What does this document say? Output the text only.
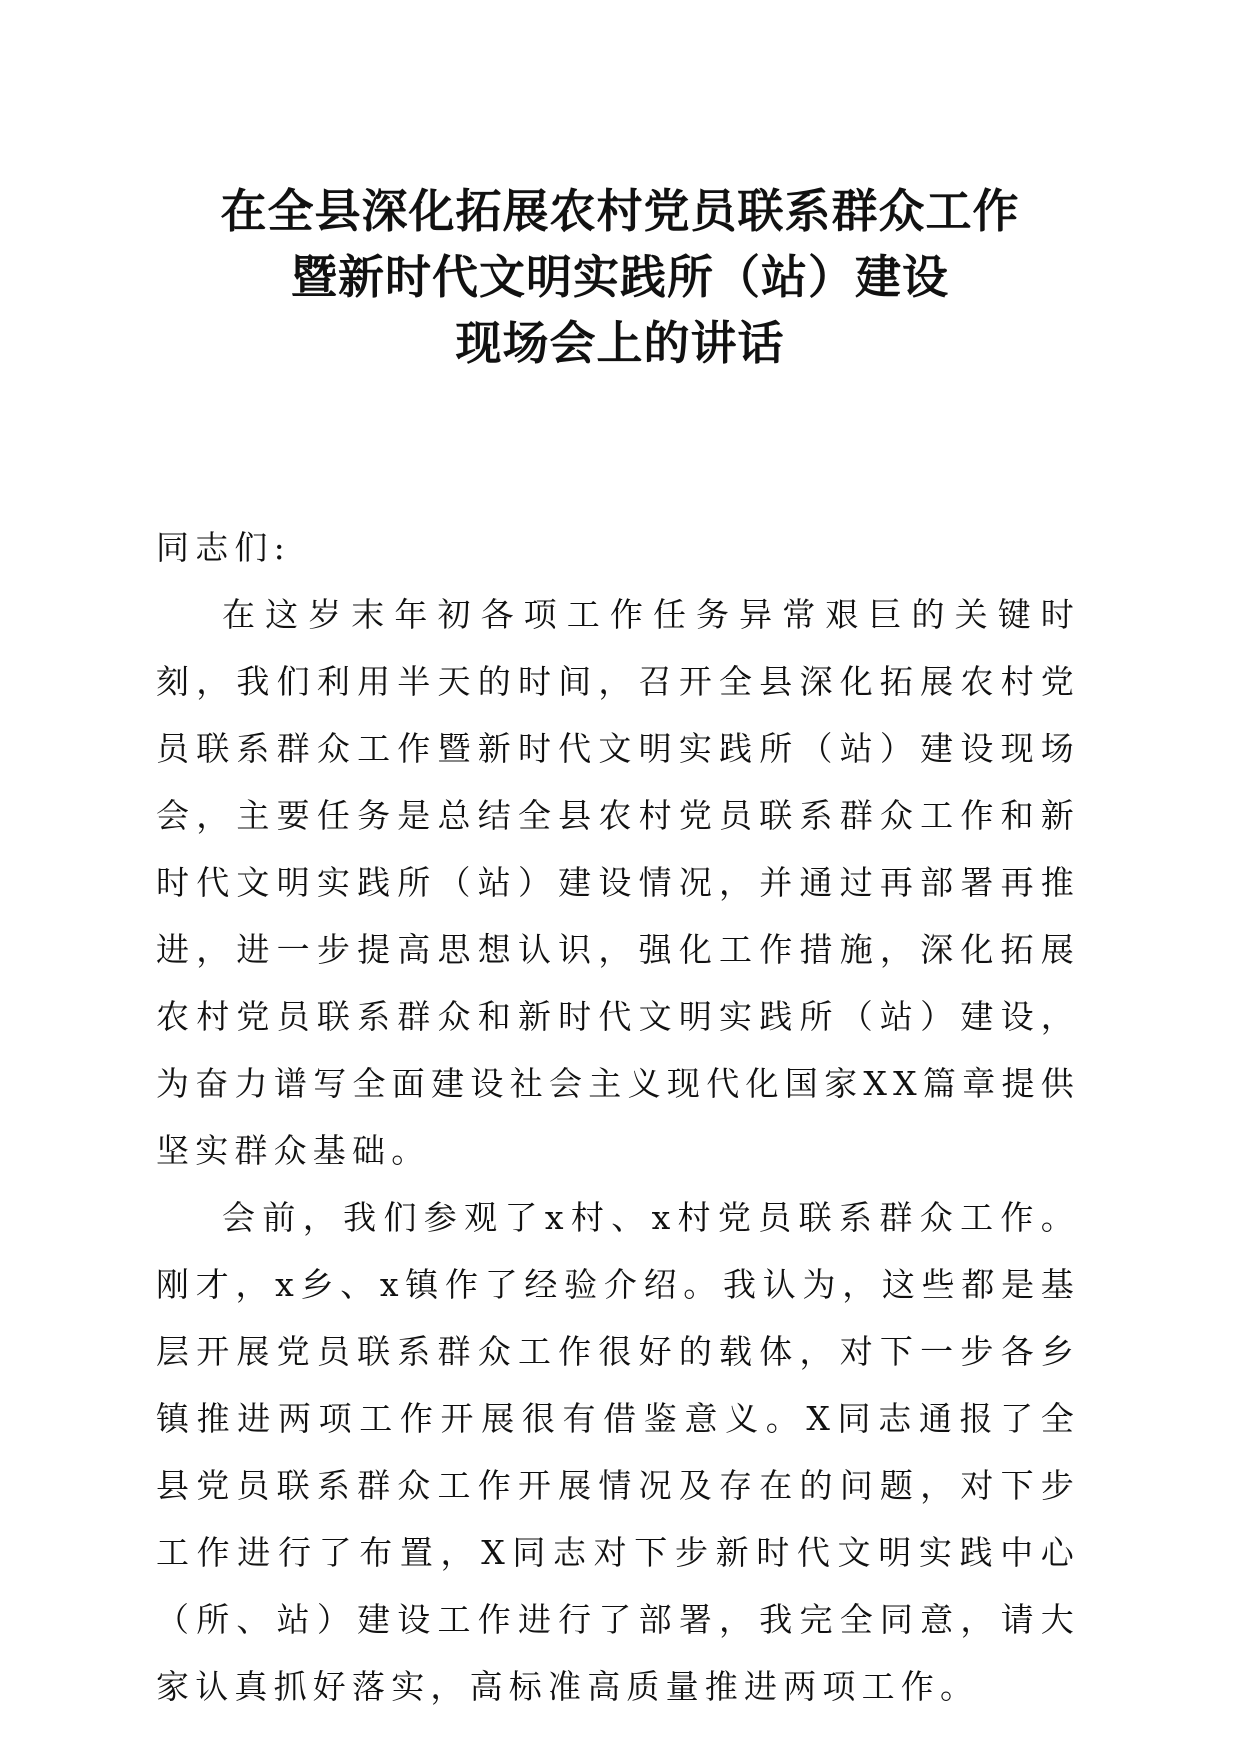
在全县深化拓展农村党员联系群众工作
暨新时代文明实践所（站）建设
现场会上的讲话

同志们:

在这岁末年初各项工作任务异常艰巨的关键时刻，我们利用半天的时间，召开全县深化拓展农村党员联系群众工作暨新时代文明实践所（站）建设现场会，主要任务是总结全县农村党员联系群众工作和新时代文明实践所（站）建设情况，并通过再部署再推进，进一步提高思想认识，强化工作措施，深化拓展农村党员联系群众和新时代文明实践所（站）建设，为奋力谱写全面建设社会主义现代化国家XX篇章提供坚实群众基础。

会前，我们参观了x村、x村党员联系群众工作。刚才，x乡、x镇作了经验介绍。我认为，这些都是基层开展党员联系群众工作很好的载体，对下一步各乡镇推进两项工作开展很有借鉴意义。X同志通报了全县党员联系群众工作开展情况及存在的问题，对下步工作进行了布置，X同志对下步新时代文明实践中心（所、站）建设工作进行了部署，我完全同意，请大家认真抓好落实，高标准高质量推进两项工作。
